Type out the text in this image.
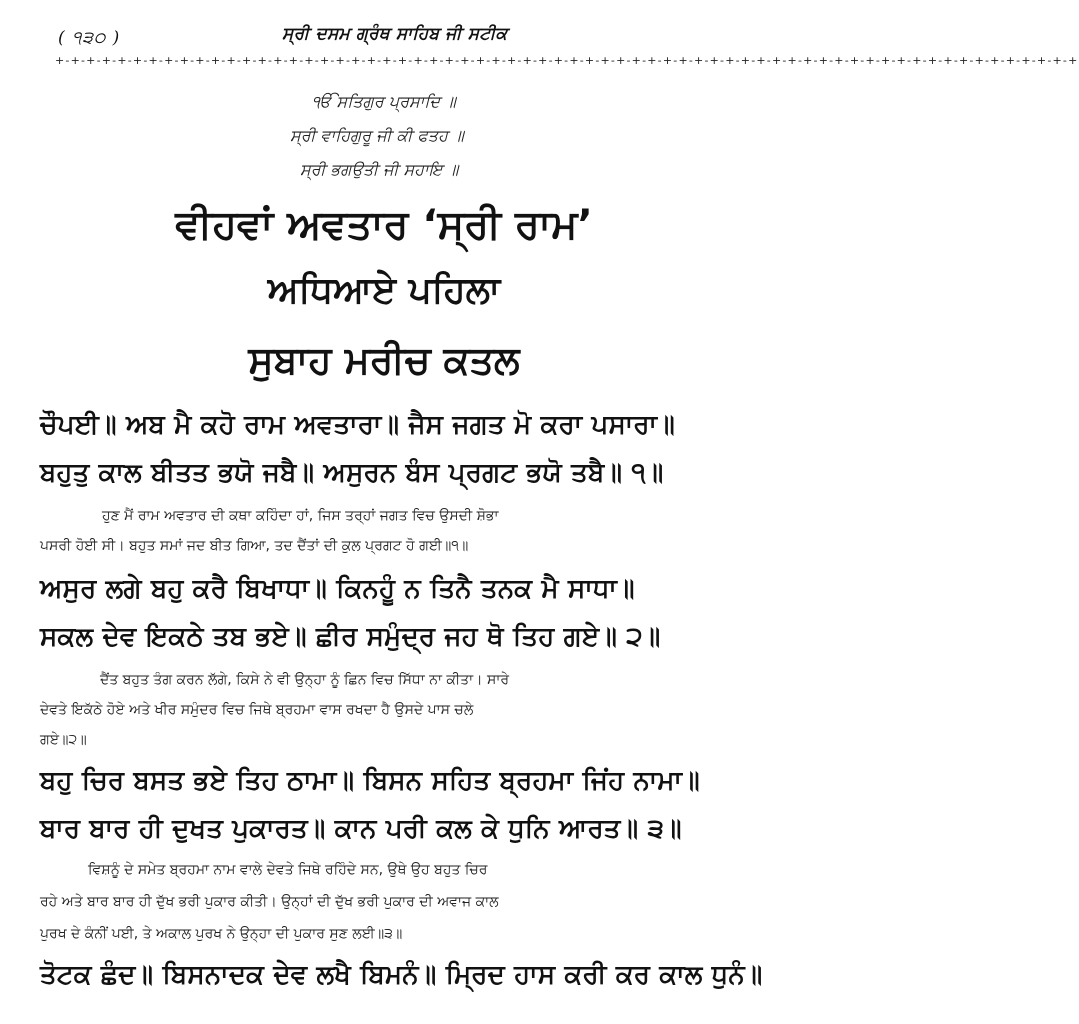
( ੧੩੦ )	ਸ੍ਰੀ ਦਸਮ ਗ੍ਰੰਥ ਸਾਹਿਬ ਜੀ ਸਟੀਕ
+-+-+-+-+-+-+-+-+-+-+-+-+-+-+-+-+-+-+-+-+-+-+-+-+-+-+-+-+-+-+-+-+-+-+-+-+-+-+-+-+-+-+-+-+-+-+-+-+-+-+-+-+-+-+-+-+-+-+-+-+-+-+-+-+-+
ੴ ਸਤਿਗੁਰ ਪ੍ਰਸਾਦਿ ॥
ਸ੍ਰੀ ਵਾਹਿਗੁਰੂ ਜੀ ਕੀ ਫਤਹ ॥
ਸ੍ਰੀ ਭਗਉਤੀ ਜੀ ਸਹਾਇ ॥
ਵੀਹਵਾਂ ਅਵਤਾਰ ‘ਸ੍ਰੀ ਰਾਮ’
ਅਧਿਆਏ ਪਹਿਲਾ
ਸੁਬਾਹ ਮਰੀਚ ਕਤਲ
ਚੌਪਈ॥ ਅਬ ਮੈ ਕਹੋ ਰਾਮ ਅਵਤਾਰਾ॥ ਜੈਸ ਜਗਤ ਮੋ ਕਰਾ ਪਸਾਰਾ॥
ਬਹੁਤੁ ਕਾਲ ਬੀਤਤ ਭਯੋ ਜਬੈ॥ ਅਸੁਰਨ ਬੰਸ ਪ੍ਰਗਟ ਭਯੋ ਤਬੈ॥ ੧॥
ਹੁਣ ਮੈਂ ਰਾਮ ਅਵਤਾਰ ਦੀ ਕਥਾ ਕਹਿੰਦਾ ਹਾਂ, ਜਿਸ ਤਰ੍ਹਾਂ ਜਗਤ ਵਿਚ ਉਸਦੀ ਸ਼ੋਭਾ
ਪਸਰੀ ਹੋਈ ਸੀ। ਬਹੁਤ ਸਮਾਂ ਜਦ ਬੀਤ ਗਿਆ, ਤਦ ਦੈਂਤਾਂ ਦੀ ਕੁਲ ਪ੍ਰਗਟ ਹੋ ਗਈ॥੧॥
ਅਸੁਰ ਲਗੇ ਬਹੁ ਕਰੈ ਬਿਖਾਧਾ॥ ਕਿਨਹੂੰ ਨ ਤਿਨੈ ਤਨਕ ਮੈ ਸਾਧਾ॥
ਸਕਲ ਦੇਵ ਇਕਠੇ ਤਬ ਭਏ॥ ਛੀਰ ਸਮੁੰਦ੍ਰ ਜਹ ਥੋ ਤਿਹ ਗਏ॥ ੨॥
ਦੈਂਤ ਬਹੁਤ ਤੰਗ ਕਰਨ ਲੱਗੇ, ਕਿਸੇ ਨੇ ਵੀ ਉਨ੍ਹਾ ਨੂੰ ਛਿਨ ਵਿਚ ਸਿੱਧਾ ਨਾ ਕੀਤਾ। ਸਾਰੇ
ਦੇਵਤੇ ਇਕੱਠੇ ਹੋਏ ਅਤੇ ਖੀਰ ਸਮੁੰਦਰ ਵਿਚ ਜਿਥੇ ਬ੍ਰਹਮਾ ਵਾਸ ਰਖਦਾ ਹੈ ਉਸਦੇ ਪਾਸ ਚਲੇ
ਗਏ॥੨॥
ਬਹੁ ਚਿਰ ਬਸਤ ਭਏ ਤਿਹ ਠਾਮਾ॥ ਬਿਸਨ ਸਹਿਤ ਬ੍ਰਹਮਾ ਜਿਂਹ ਨਾਮਾ॥
ਬਾਰ ਬਾਰ ਹੀ ਦੁਖਤ ਪੁਕਾਰਤ॥ ਕਾਨ ਪਰੀ ਕਲ ਕੇ ਧੁਨਿ ਆਰਤ॥ ੩॥
ਵਿਸ਼ਨੂੰ ਦੇ ਸਮੇਤ ਬ੍ਰਹਮਾ ਨਾਮ ਵਾਲੇ ਦੇਵਤੇ ਜਿਥੇ ਰਹਿੰਦੇ ਸਨ, ਉਥੇ ਉਹ ਬਹੁਤ ਚਿਰ
ਰਹੇ ਅਤੇ ਬਾਰ ਬਾਰ ਹੀ ਦੁੱਖ ਭਰੀ ਪੁਕਾਰ ਕੀਤੀ। ਉਨ੍ਹਾਂ ਦੀ ਦੁੱਖ ਭਰੀ ਪੁਕਾਰ ਦੀ ਅਵਾਜ ਕਾਲ
ਪੁਰਖ ਦੇ ਕੰਨੀਂ ਪਈ, ਤੇ ਅਕਾਲ ਪੁਰਖ ਨੇ ਉਨ੍ਹਾ ਦੀ ਪੁਕਾਰ ਸੁਣ ਲਈ॥੩॥
ਤੋਟਕ ਛੰਦ॥ ਬਿਸਨਾਦਕ ਦੇਵ ਲਖੈ ਬਿਮਨੰ॥ ਮ੍ਰਿਦ ਹਾਸ ਕਰੀ ਕਰ ਕਾਲ ਧੁਨੰ॥
